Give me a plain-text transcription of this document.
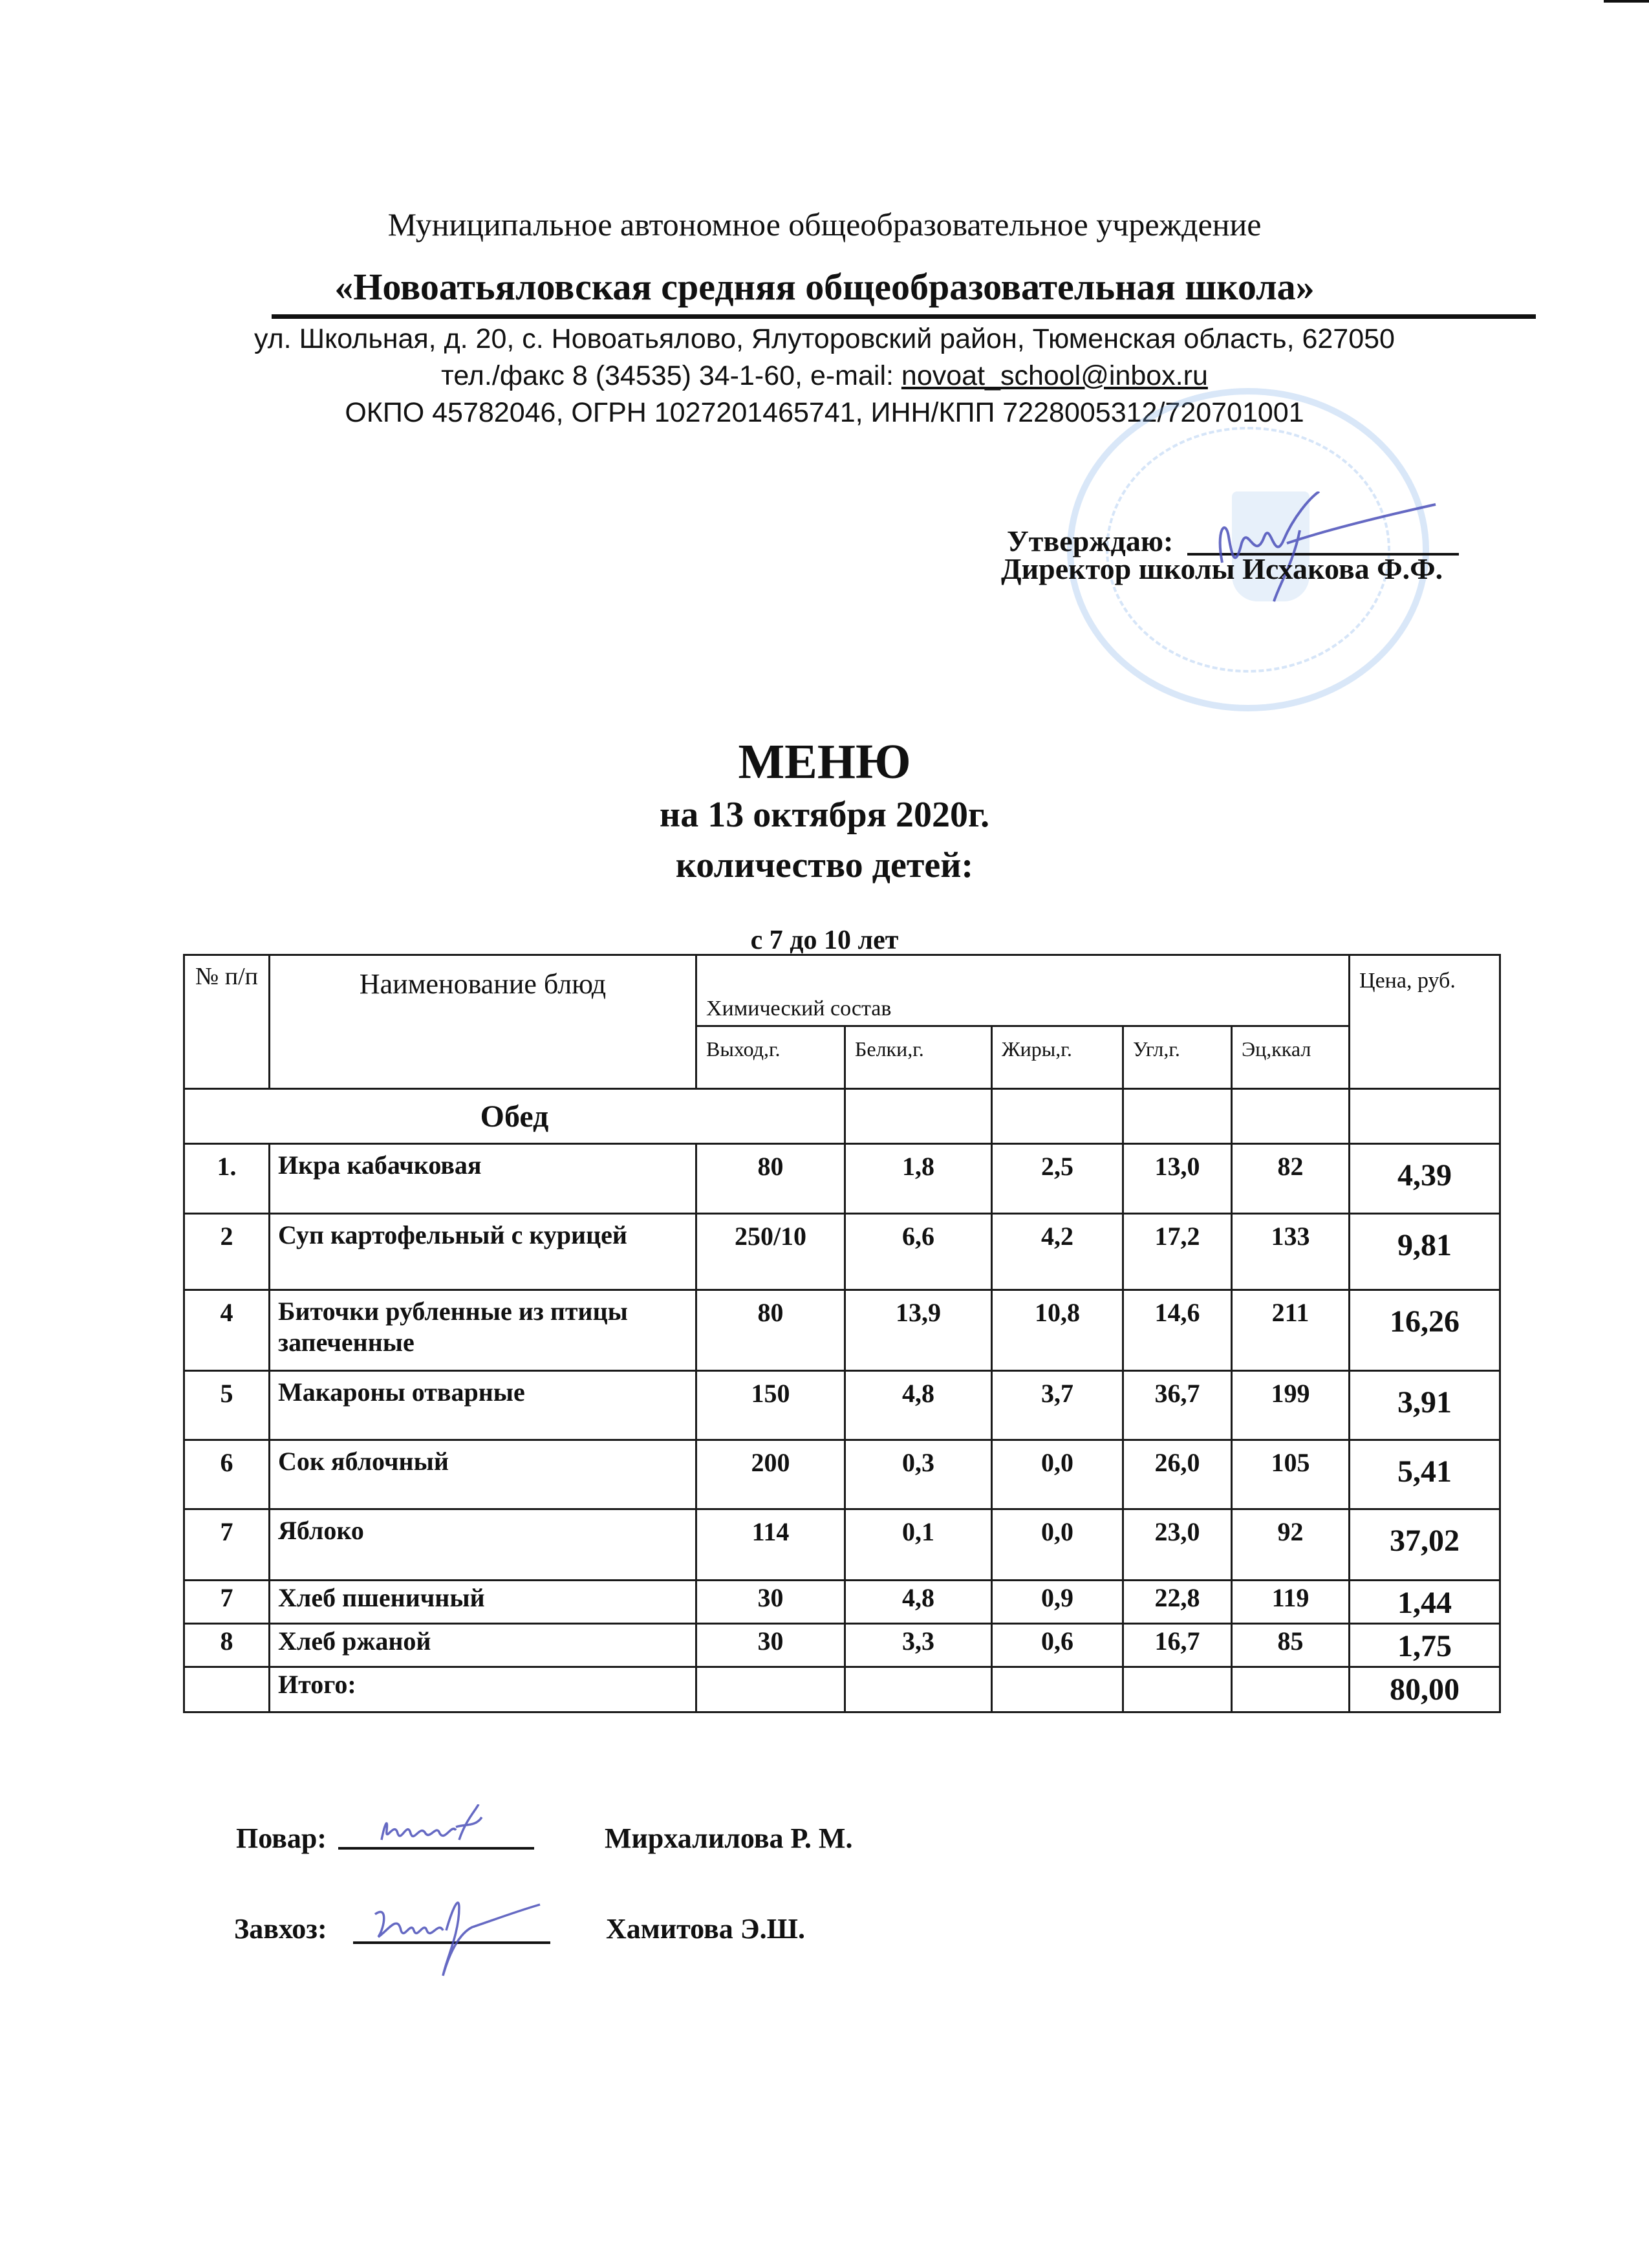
Муниципальное автономное общеобразовательное учреждение
«Новоатьяловская средняя общеобразовательная школа»
ул. Школьная, д. 20, с. Новоатьялово, Ялуторовский район, Тюменская область, 627050
тел./факс 8 (34535) 34-1-60, e-mail: novoat_school@inbox.ru
ОКПО 45782046, ОГРН 1027201465741, ИНН/КПП 7228005312/720701001
Утверждаю:
Директор школы Исхакова Ф.Ф.
МЕНЮ
на 13 октября 2020г.
количество детей:
с 7 до 10 лет
№ п/п	Наименование блюд	Химический состав					Цена, руб.
		Выход,г.	Белки,г.	Жиры,г.	Угл,г.	Эц,ккал	
Обед							
1.	Икра кабачковая	80	1,8	2,5	13,0	82	4,39
2	Суп картофельный с курицей	250/10	6,6	4,2	17,2	133	9,81
4	Биточки рубленные из птицы запеченные	80	13,9	10,8	14,6	211	16,26
5	Макароны отварные	150	4,8	3,7	36,7	199	3,91
6	Сок яблочный	200	0,3	0,0	26,0	105	5,41
7	Яблоко	114	0,1	0,0	23,0	92	37,02
7	Хлеб пшеничный	30	4,8	0,9	22,8	119	1,44
8	Хлеб ржаной	30	3,3	0,6	16,7	85	1,75
	Итого:						80,00
Повар:	Мирхалилова Р. М.
Завхоз:	Хамитова Э.Ш.
